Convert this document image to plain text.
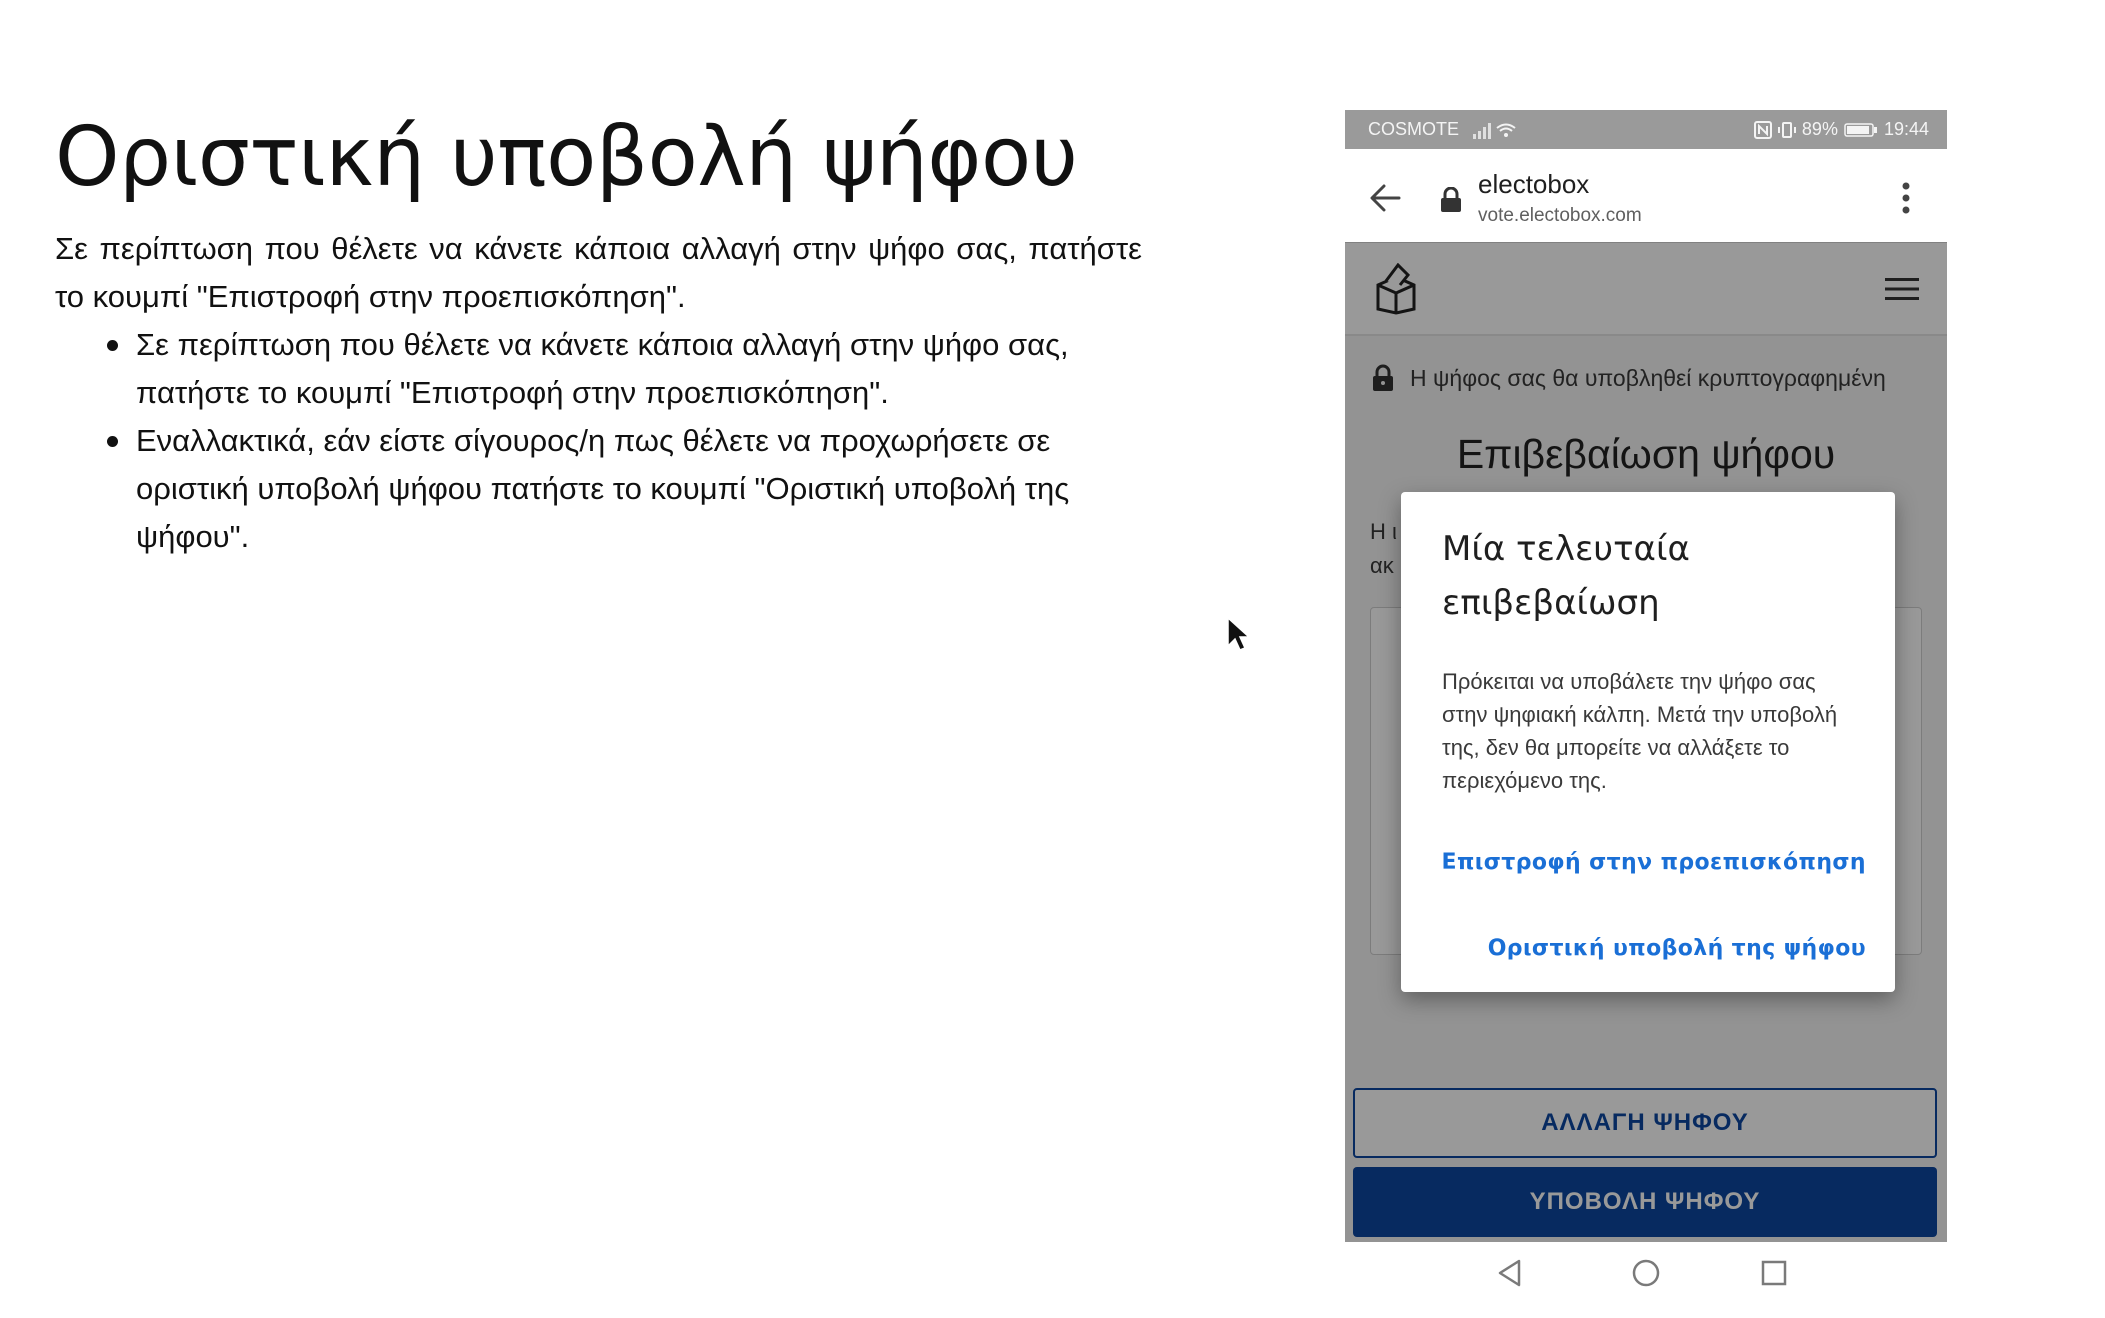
Οριστική υποβολή ψήφου

Σε περίπτωση που θέλετε να κάνετε κάποια αλλαγή στην ψήφο σας, πατήστε το κουμπί "Επιστροφή στην προεπισκόπηση".

Σε περίπτωση που θέλετε να κάνετε κάποια αλλαγή στην ψήφο σας, πατήστε το κουμπί "Επιστροφή στην προεπισκόπηση".
Εναλλακτικά, εάν είστε σίγουρος/η πως θέλετε να προχωρήσετε σε οριστική υποβολή ψήφου πατήστε το κουμπί "Οριστική υποβολή της ψήφου".
COSMOTE	89%	19:44
electobox
vote.electobox.com
Η ψήφος σας θα υποβληθεί κρυπτογραφημένη
Επιβεβαίωση ψήφου
Η ι
ακ
ΑΛΛΑΓΗ ΨΗΦΟΥ
ΥΠΟΒΟΛΗ ΨΗΦΟΥ
Μία τελευταία επιβεβαίωση

Πρόκειται να υποβάλετε την ψήφο σας στην ψηφιακή κάλπη. Μετά την υποβολή της, δεν θα μπορείτε να αλλάξετε το περιεχόμενο της.

Επιστροφή στην προεπισκόπηση
Οριστική υποβολή της ψήφου
